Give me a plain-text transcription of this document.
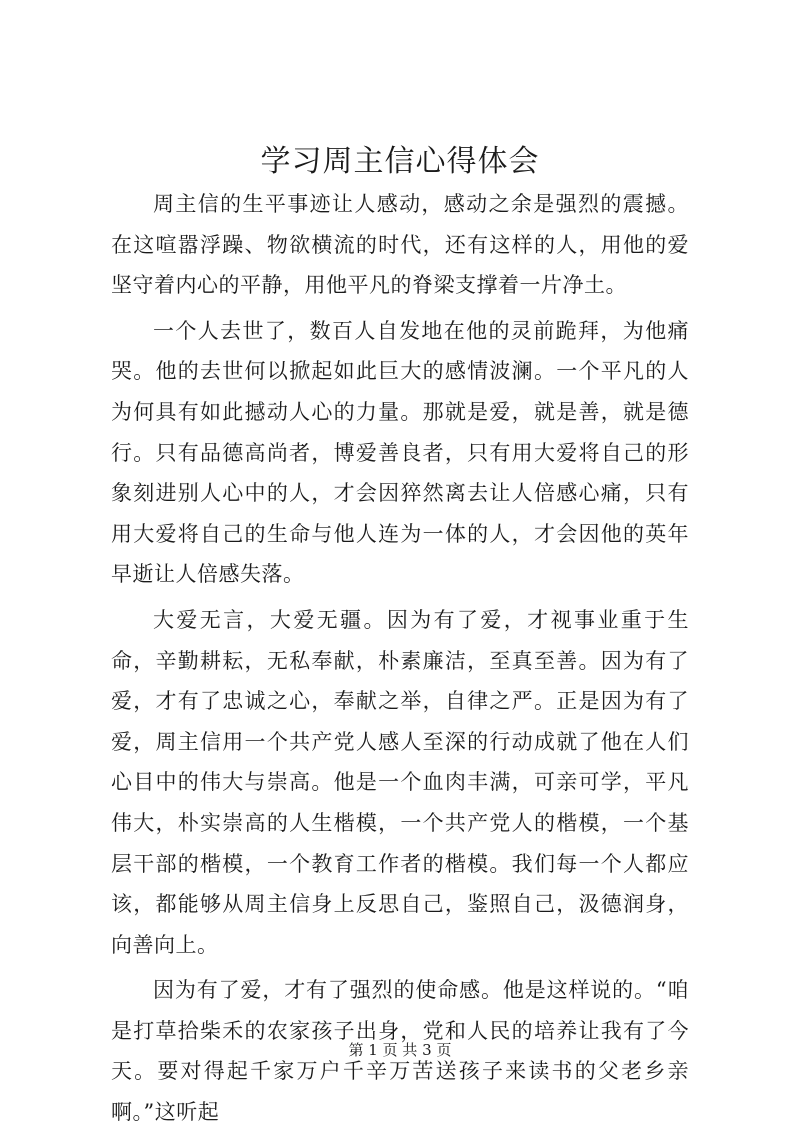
学习周主信心得体会

周主信的生平事迹让人感动，感动之余是强烈的震撼。在这喧嚣浮躁、物欲横流的时代，还有这样的人，用他的爱坚守着内心的平静，用他平凡的脊梁支撑着一片净土。

一个人去世了，数百人自发地在他的灵前跪拜，为他痛哭。他的去世何以掀起如此巨大的感情波澜。一个平凡的人为何具有如此撼动人心的力量。那就是爱，就是善，就是德行。只有品德高尚者，博爱善良者，只有用大爱将自己的形象刻进别人心中的人，才会因猝然离去让人倍感心痛，只有用大爱将自己的生命与他人连为一体的人，才会因他的英年早逝让人倍感失落。

大爱无言，大爱无疆。因为有了爱，才视事业重于生命，辛勤耕耘，无私奉献，朴素廉洁，至真至善。因为有了爱，才有了忠诚之心，奉献之举，自律之严。正是因为有了爱，周主信用一个共产党人感人至深的行动成就了他在人们心目中的伟大与崇高。他是一个血肉丰满，可亲可学，平凡伟大，朴实崇高的人生楷模，一个共产党人的楷模，一个基层干部的楷模，一个教育工作者的楷模。我们每一个人都应该，都能够从周主信身上反思自己，鉴照自己，汲德润身，向善向上。

因为有了爱，才有了强烈的使命感。他是这样说的。“咱是打草拾柴禾的农家孩子出身，党和人民的培养让我有了今天。要对得起千家万户千辛万苦送孩子来读书的父老乡亲啊。”这听起

第 1 页 共 3 页
